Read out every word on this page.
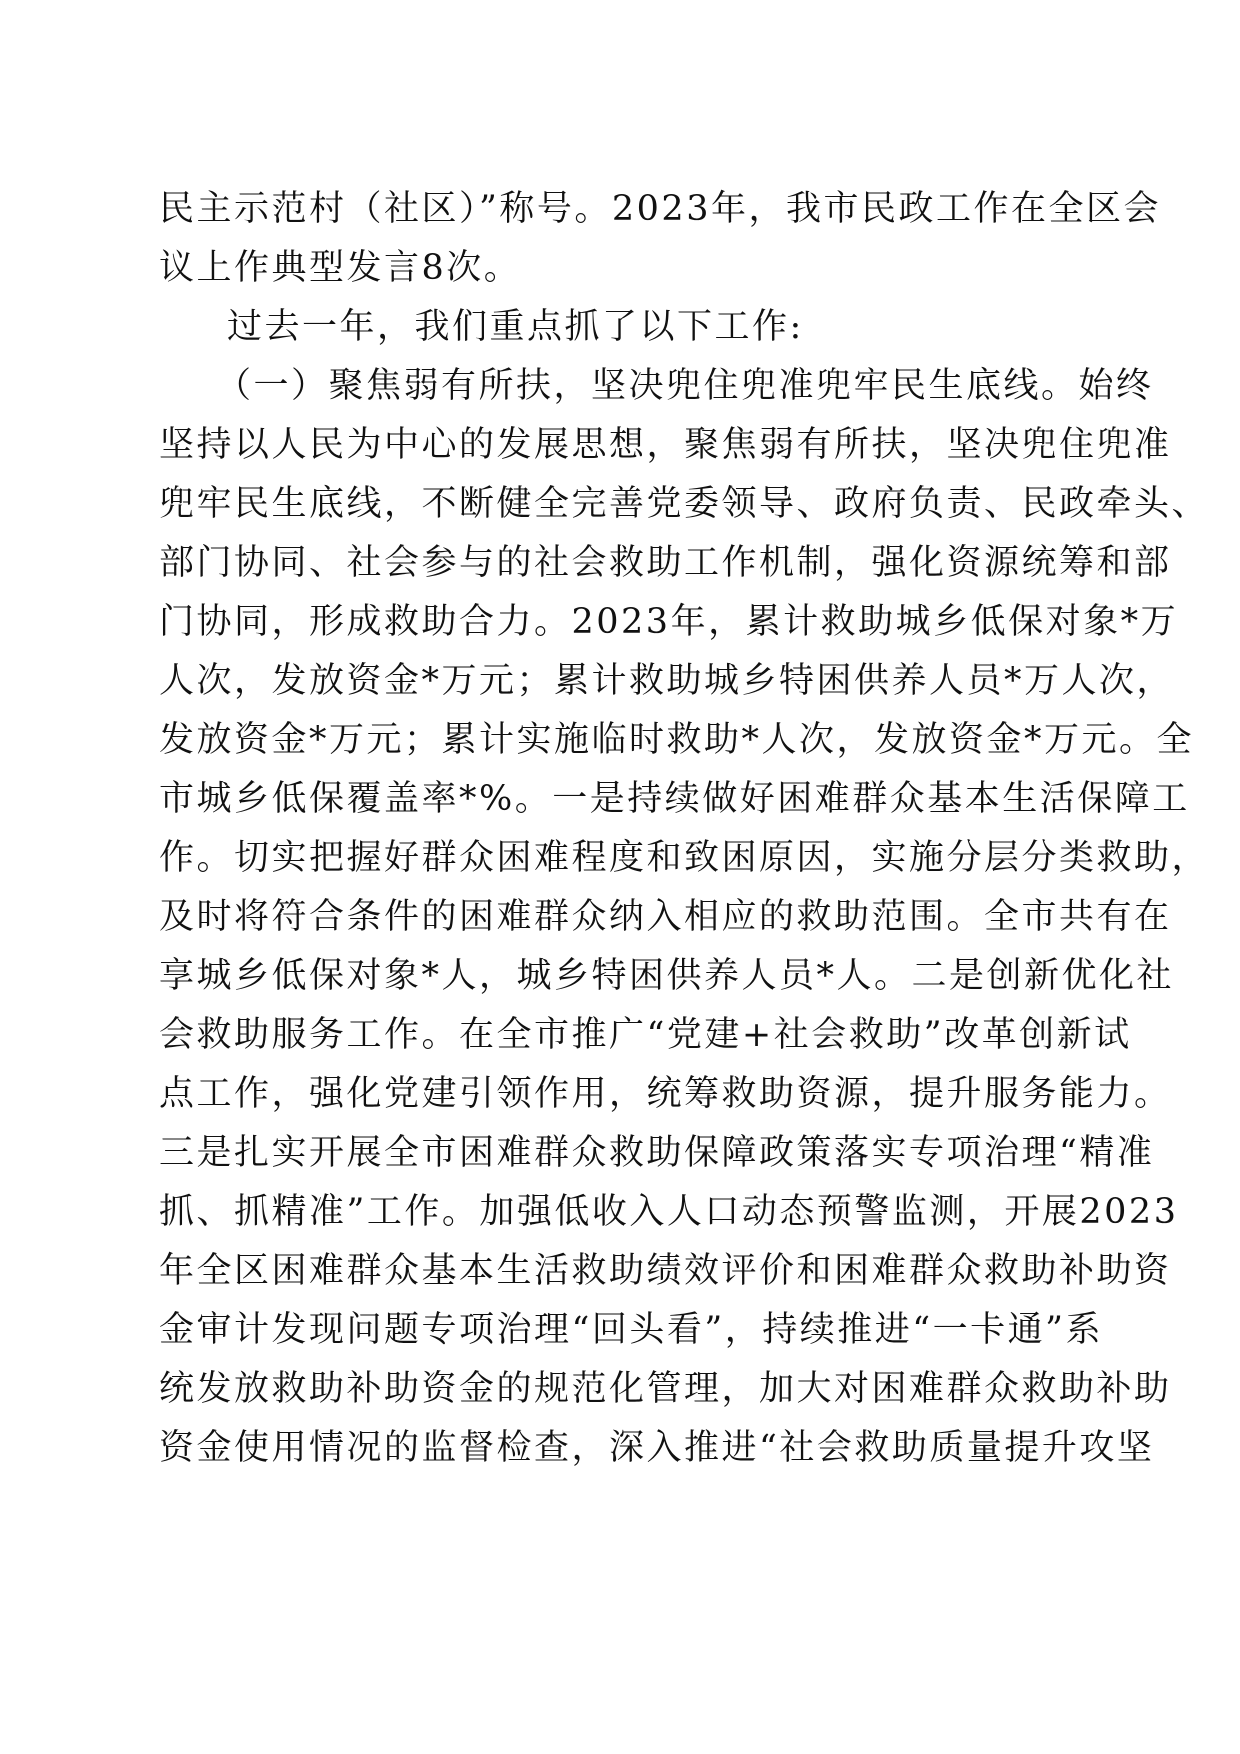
民主示范村（社区）”称号。2023年，我市民政工作在全区会
议上作典型发言8次。
过去一年，我们重点抓了以下工作:
（一）聚焦弱有所扶，坚决兜住兜准兜牢民生底线。始终
坚持以人民为中心的发展思想，聚焦弱有所扶，坚决兜住兜准
兜牢民生底线，不断健全完善党委领导、政府负责、民政牵头、
部门协同、社会参与的社会救助工作机制，强化资源统筹和部
门协同，形成救助合力。2023年，累计救助城乡低保对象*万
人次，发放资金*万元；累计救助城乡特困供养人员*万人次，
发放资金*万元；累计实施临时救助*人次，发放资金*万元。全
市城乡低保覆盖率*%。一是持续做好困难群众基本生活保障工
作。切实把握好群众困难程度和致困原因，实施分层分类救助，
及时将符合条件的困难群众纳入相应的救助范围。全市共有在
享城乡低保对象*人，城乡特困供养人员*人。二是创新优化社
会救助服务工作。在全市推广“党建+社会救助”改革创新试
点工作，强化党建引领作用，统筹救助资源，提升服务能力。
三是扎实开展全市困难群众救助保障政策落实专项治理“精准
抓、抓精准”工作。加强低收入人口动态预警监测，开展2023
年全区困难群众基本生活救助绩效评价和困难群众救助补助资
金审计发现问题专项治理“回头看”，持续推进“一卡通”系
统发放救助补助资金的规范化管理，加大对困难群众救助补助
资金使用情况的监督检查，深入推进“社会救助质量提升攻坚
